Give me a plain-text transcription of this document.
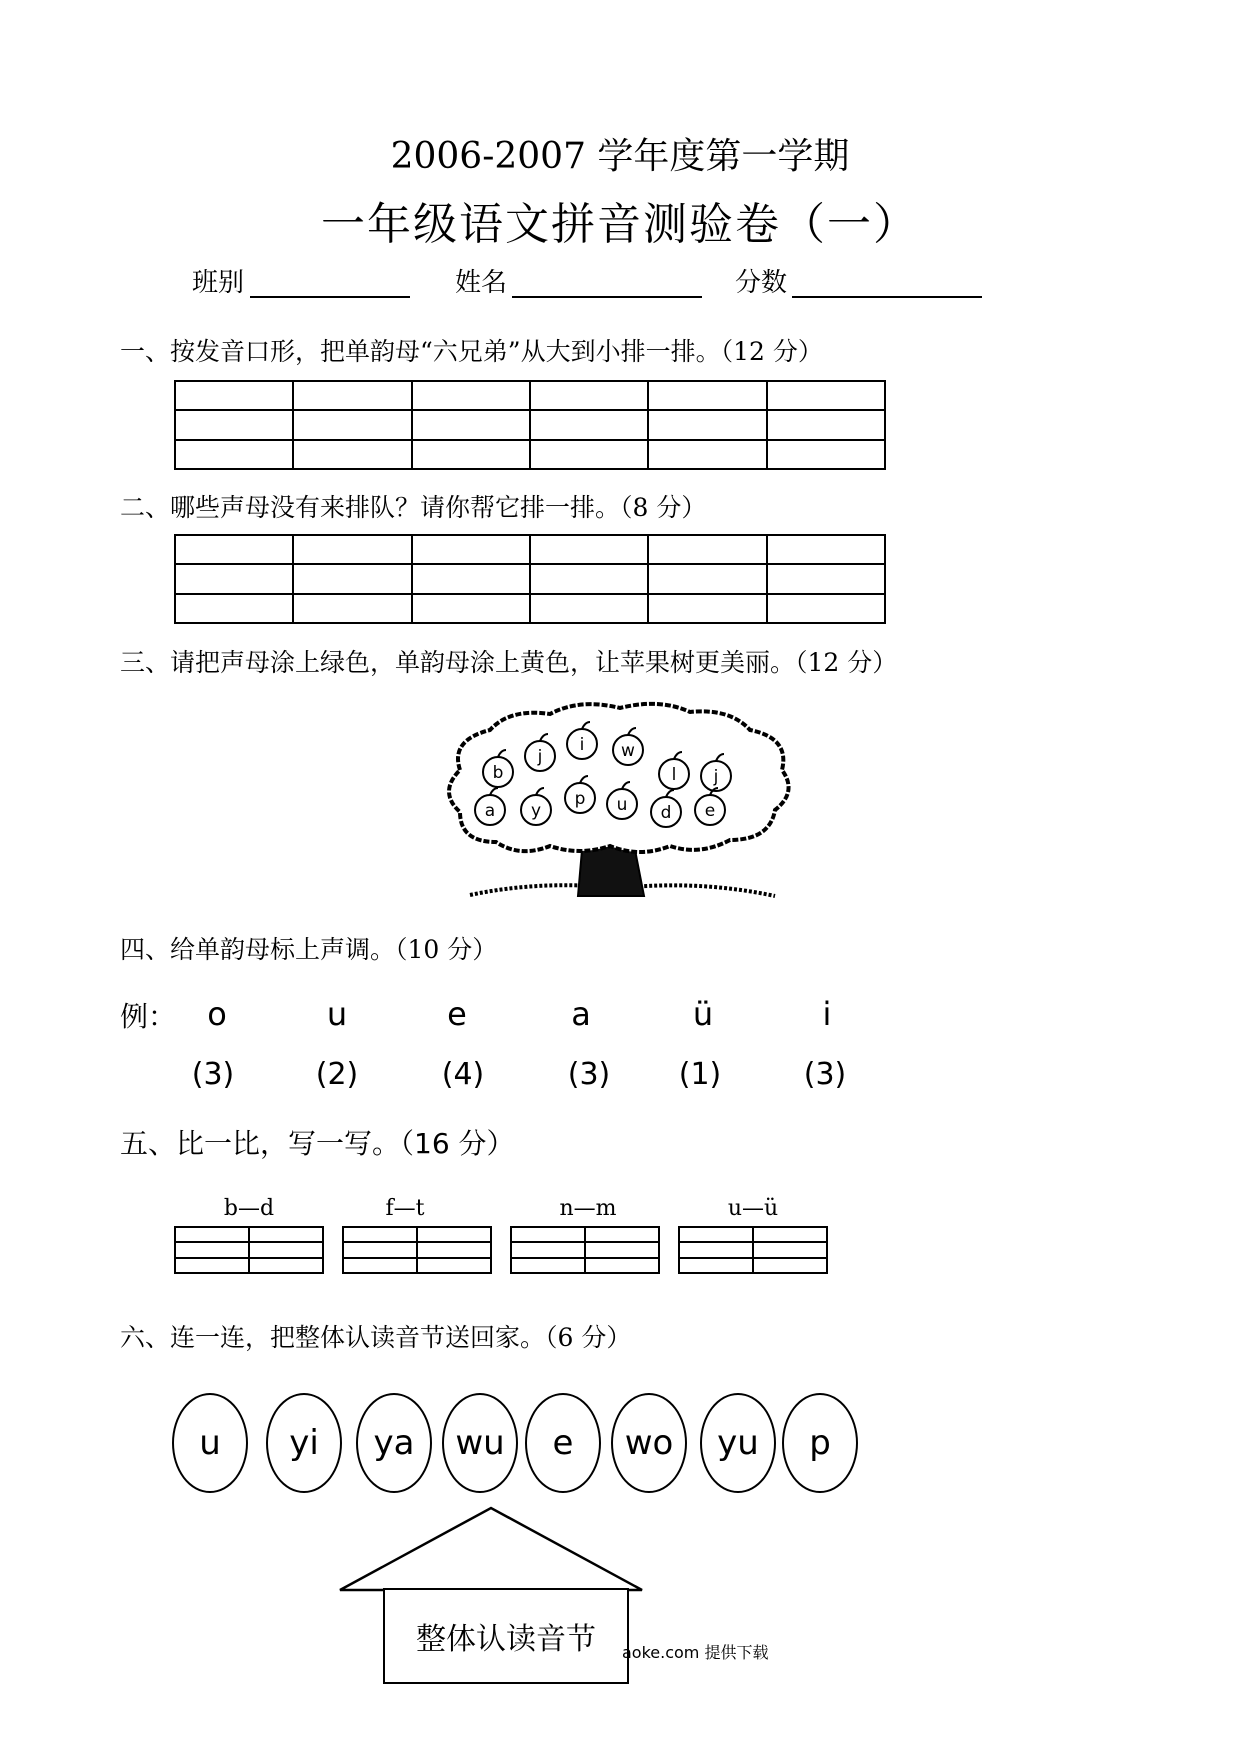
2006-2007 学年度第一学期
一年级语文拼音测验卷（一）
班别	姓名	分数
一、按发音口形，把单韵母“六兄弟”从大到小排一排。（12 分）

二、哪些声母没有来排队？请你帮它排一排。（8 分）

三、请把声母涂上绿色，单韵母涂上黄色，让苹果树更美丽。（12 分）
b
j
i w
l j
a y
p u d e
四、给单韵母标上声调。（10 分）
例： o	u	e	a	ü	i
(3)	(2)	(4)	(3)	(1)	(3)
五、比一比，写一写。（16 分）
b—d

		f—t

		n—m

		u—ü

六、连一连，把整体认读音节送回家。（6 分）
u	yi	ya	wu	e	wo	yu	p
整体认读音节 aoke.com 提供下载
